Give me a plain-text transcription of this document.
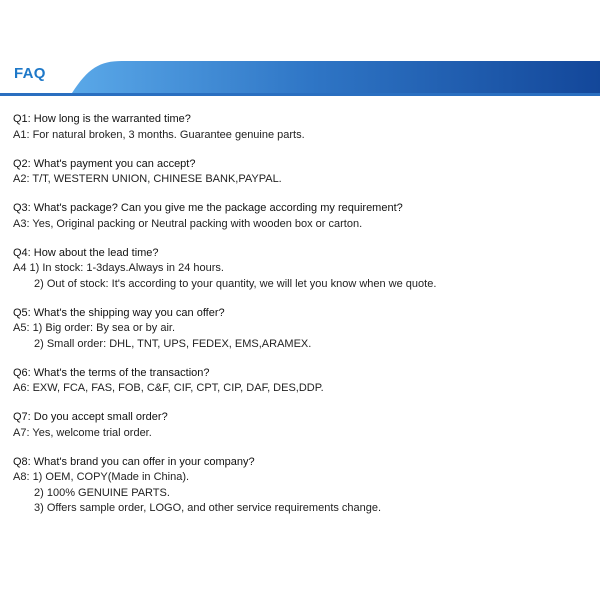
FAQ
Q1: How long is the warranted time?
A1: For natural broken, 3 months. Guarantee genuine parts.
Q2: What's payment you can accept?
A2: T/T, WESTERN UNION, CHINESE BANK,PAYPAL.
Q3: What's package? Can you give me the package according my requirement?
A3: Yes, Original packing or Neutral packing with wooden box or carton.
Q4: How about the lead time?
A4 1) In stock: 1-3days.Always in 24 hours.
2) Out of stock: It's according to your quantity, we will let you know when we quote.
Q5: What's the shipping way you can offer?
A5: 1) Big order: By sea or by air.
2) Small order: DHL, TNT, UPS, FEDEX, EMS,ARAMEX.
Q6: What's the terms of the transaction?
A6: EXW, FCA, FAS, FOB, C&F, CIF, CPT, CIP, DAF, DES,DDP.
Q7: Do you accept small order?
A7: Yes, welcome trial order.
Q8: What's brand you can offer in your company?
A8: 1) OEM, COPY(Made in China).
2) 100% GENUINE PARTS.
3) Offers sample order, LOGO, and other service requirements change.
